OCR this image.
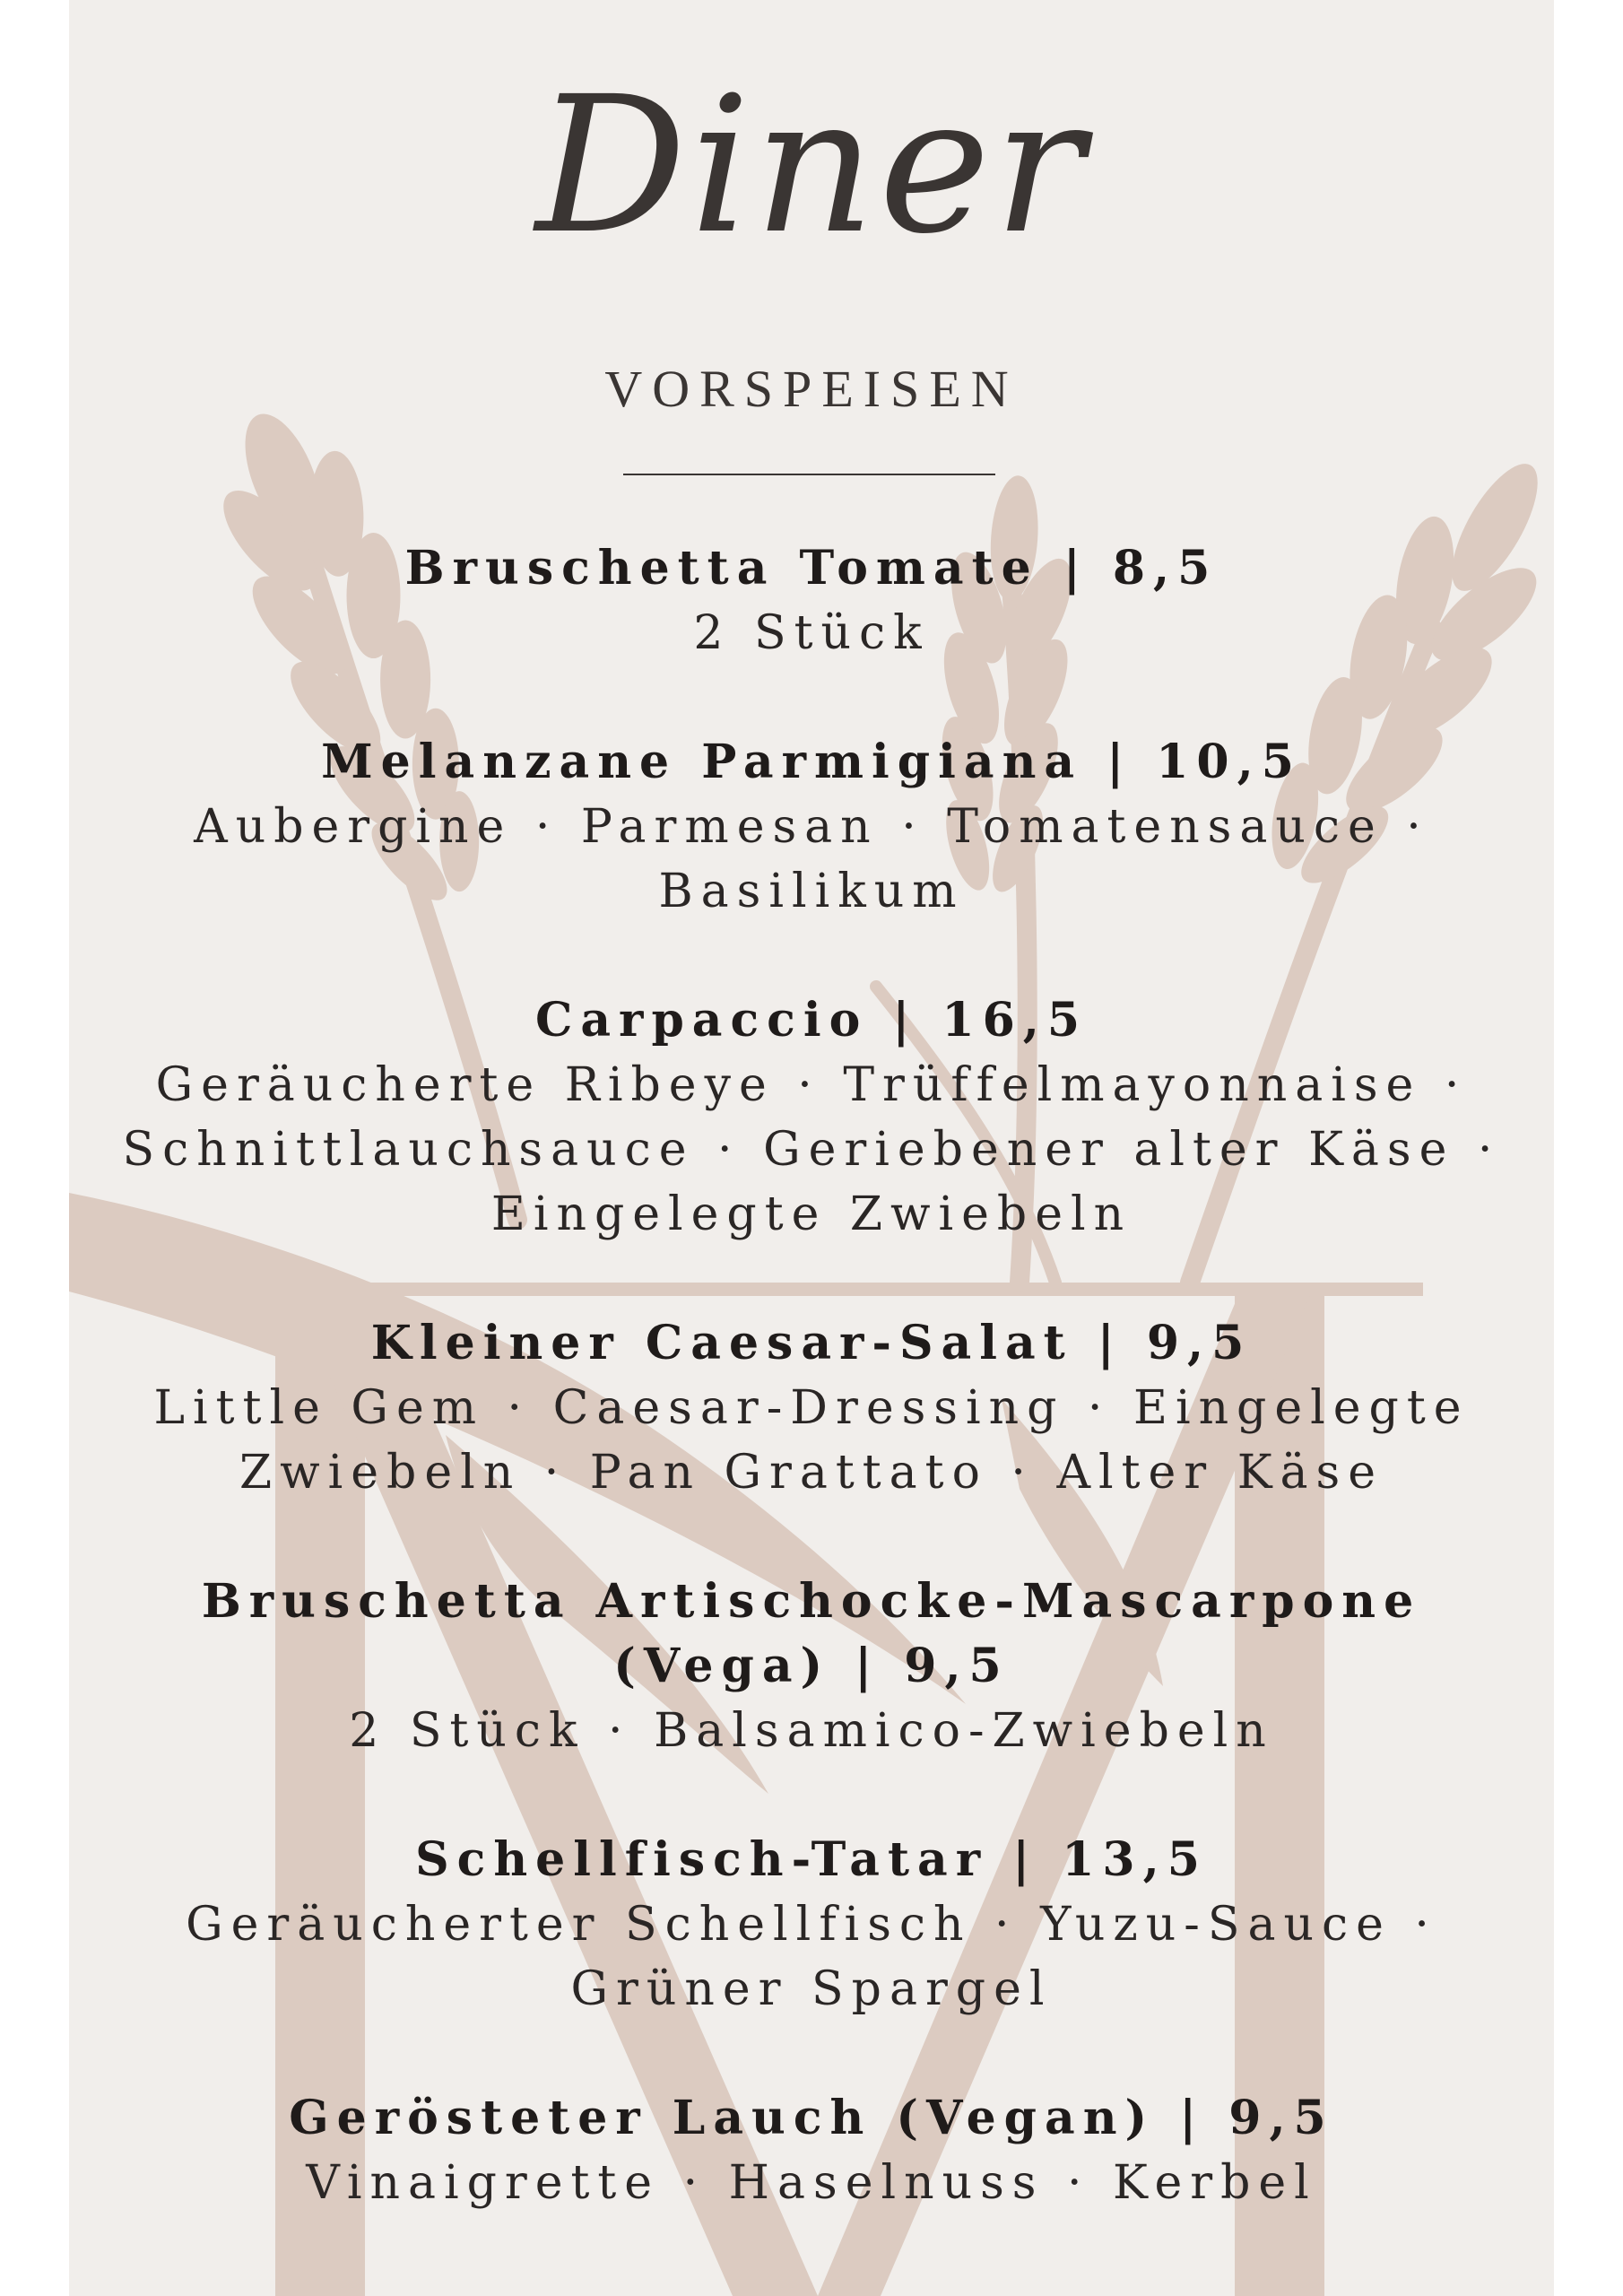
Diner
VORSPEISEN
Bruschetta Tomate | 8,5
2 Stück
Melanzane Parmigiana | 10,5
Aubergine · Parmesan · Tomatensauce · Basilikum
Carpaccio | 16,5
Geräucherte Ribeye · Trüffelmayonnaise · Schnittlauchsauce · Geriebener alter Käse · Eingelegte Zwiebeln
Kleiner Caesar-Salat | 9,5
Little Gem · Caesar-Dressing · Eingelegte Zwiebeln · Pan Grattato · Alter Käse
Bruschetta Artischocke-Mascarpone (Vega) | 9,5
2 Stück · Balsamico-Zwiebeln
Schellfisch-Tatar | 13,5
Geräucherter Schellfisch · Yuzu-Sauce · Grüner Spargel
Gerösteter Lauch (Vegan) | 9,5
Vinaigrette · Haselnuss · Kerbel
